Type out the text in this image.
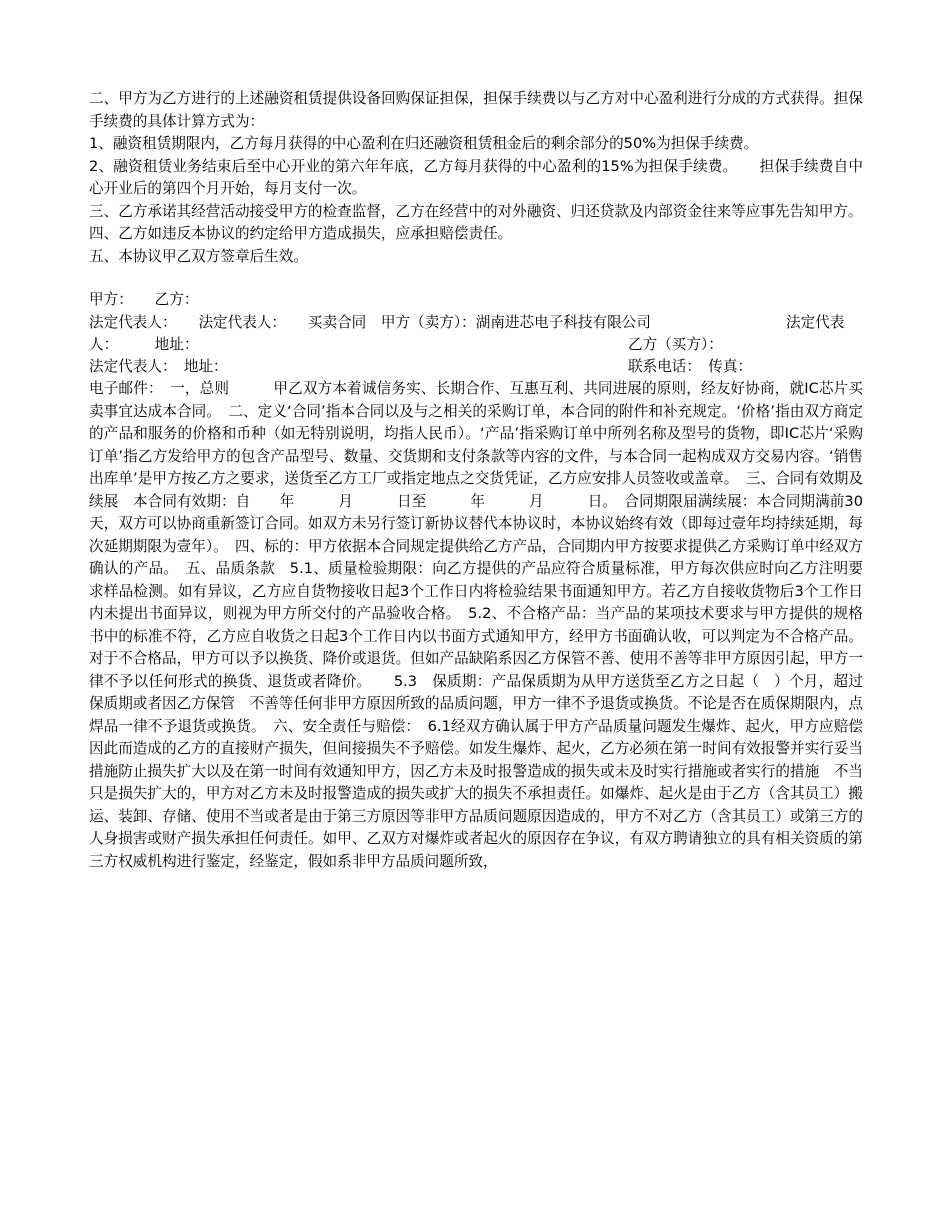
二、甲方为乙方进行的上述融资租赁提供设备回购保证担保，担保手续费以与乙方对中心盈利进行分成的方式获得。担保手续费的具体计算方式为：

1、融资租赁期限内，乙方每月获得的中心盈利在归还融资租赁租金后的剩余部分的50%为担保手续费。

2、融资租赁业务结束后至中心开业的第六年年底，乙方每月获得的中心盈利的15%为担保手续费。　　担保手续费自中心开业后的第四个月开始，每月支付一次。

三、乙方承诺其经营活动接受甲方的检查监督，乙方在经营中的对外融资、归还贷款及内部资金往来等应事先告知甲方。

四、乙方如违反本协议的约定给甲方造成损失，应承担赔偿责任。

五、本协议甲乙双方签章后生效。

甲方：　　乙方：
法定代表人：　　法定代表人：　　买卖合同　甲方（卖方）：湖南进芯电子科技有限公司	法定代表
人：　　　地址：	乙方（买方）：
法定代表人：　地址：	联系电话：　传真：

电子邮件：　一，总则　　　甲乙双方本着诚信务实、长期合作、互惠互利、共同进展的原则，经友好协商，就IC芯片买卖事宜达成本合同。　二、定义‘合同’指本合同以及与之相关的采购订单，本合同的附件和补充规定。‘价格’指由双方商定的产品和服务的价格和币种（如无特别说明，均指人民币）。‘产品’指采购订单中所列名称及型号的货物，即IC芯片‘采购订单’指乙方发给甲方的包含产品型号、数量、交货期和支付条款等内容的文件，与本合同一起构成双方交易内容。‘销售出库单’是甲方按乙方之要求，送货至乙方工厂或指定地点之交货凭证，乙方应安排人员签收或盖章。　三、合同有效期及续展　本合同有效期：自　　年　　　月　　　日至　　　年　　　月　　　日。　合同期限届满续展：本合同期满前30天，双方可以协商重新签订合同。如双方未另行签订新协议替代本协议时，本协议始终有效（即每过壹年均持续延期，每次延期期限为壹年）。　四、标的：甲方依据本合同规定提供给乙方产品，合同期内甲方按要求提供乙方采购订单中经双方确认的产品。　五、品质条款　5.1、质量检验期限：向乙方提供的产品应符合质量标准，甲方每次供应时向乙方注明要求样品检测。如有异议，乙方应自货物接收日起3个工作日内将检验结果书面通知甲方。若乙方自接收货物后3个工作日内未提出书面异议，则视为甲方所交付的产品验收合格。　5.2、不合格产品：当产品的某项技术要求与甲方提供的规格书中的标准不符，乙方应自收货之日起3个工作日内以书面方式通知甲方，经甲方书面确认收，可以判定为不合格产品。对于不合格品，甲方可以予以换货、降价或退货。但如产品缺陷系因乙方保管不善、使用不善等非甲方原因引起，甲方一律不予以任何形式的换货、退货或者降价。　　5.3　保质期：产品保质期为从甲方送货至乙方之日起（　）个月，超过保质期或者因乙方保管　不善等任何非甲方原因所致的品质问题，甲方一律不予退货或换货。不论是否在质保期限内，点焊品一律不予退货或换货。　六、安全责任与赔偿：　6.1经双方确认属于甲方产品质量问题发生爆炸、起火，甲方应赔偿因此而造成的乙方的直接财产损失，但间接损失不予赔偿。如发生爆炸、起火，乙方必须在第一时间有效报警并实行妥当措施防止损失扩大以及在第一时间有效通知甲方，因乙方未及时报警造成的损失或未及时实行措施或者实行的措施　不当只是损失扩大的，甲方对乙方未及时报警造成的损失或扩大的损失不承担责任。如爆炸、起火是由于乙方（含其员工）搬运、装卸、存储、使用不当或者是由于第三方原因等非甲方品质问题原因造成的，甲方不对乙方（含其员工）或第三方的人身损害或财产损失承担任何责任。如甲、乙双方对爆炸或者起火的原因存在争议，有双方聘请独立的具有相关资质的第三方权威机构进行鉴定，经鉴定，假如系非甲方品质问题所致，
